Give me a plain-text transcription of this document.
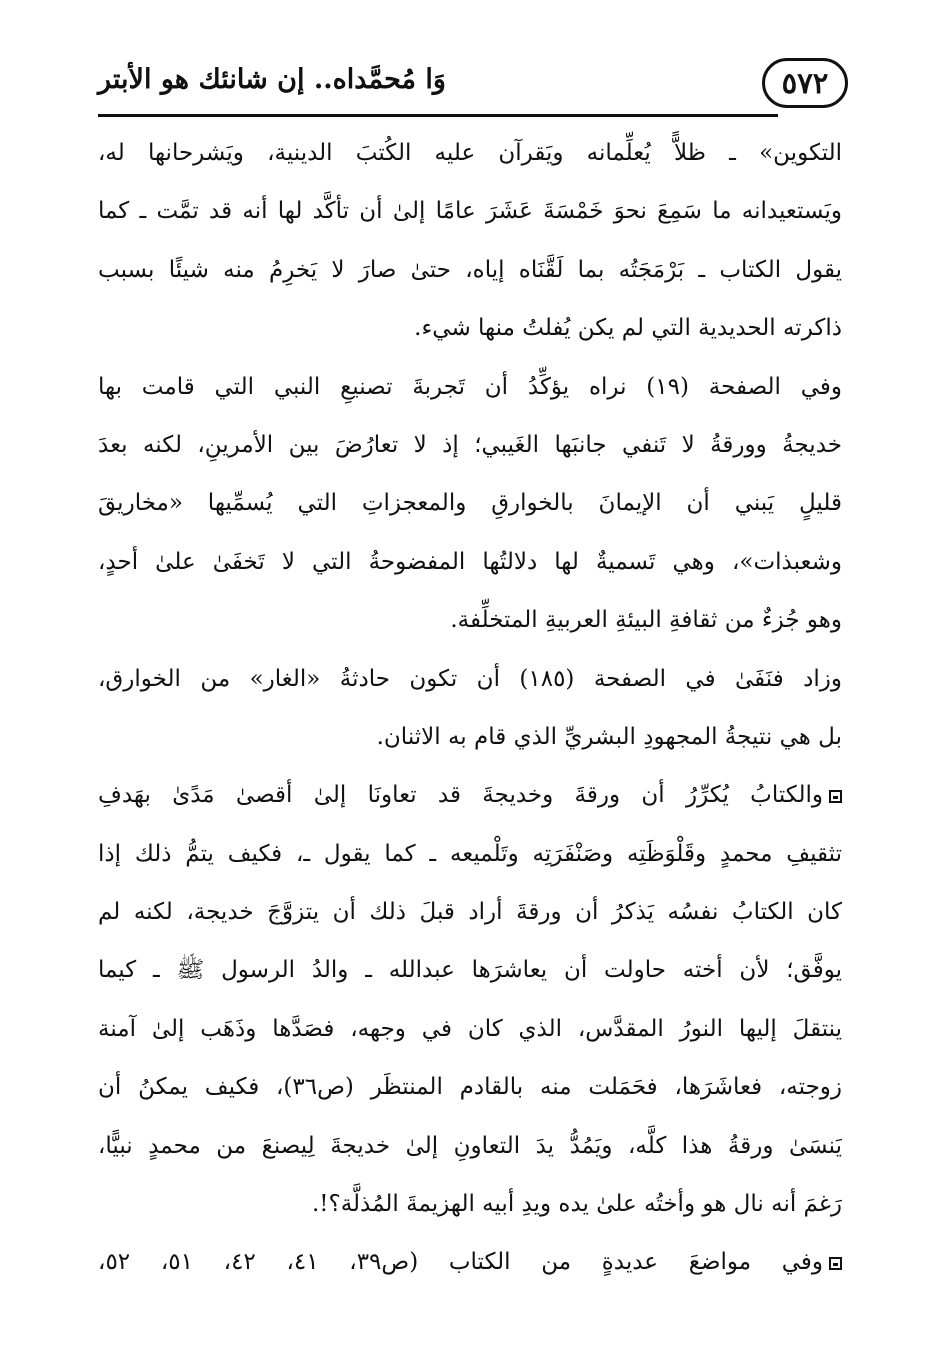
٥٧٢
وَا مُحمَّداه.. إن شانئك هو الأبتر
التكوين» ـ ظلاًّ يُعلِّمانه ويَقرآن عليه الكُتبَ الدينية، ويَشرحانها له،
ويَستعيدانه ما سَمِعَ نحوَ خَمْسَةَ عَشَرَ عامًا إلىٰ أن تأكَّد لها أنه قد تمَّت ـ كما
يقول الكتاب ـ بَرْمَجَتُه بما لَقَّنَاه إياه، حتىٰ صارَ لا يَخرِمُ منه شيئًا بسبب
ذاكرته الحديدية التي لم يكن يُفلتُ منها شيء.
وفي الصفحة (١٩) نراه يؤكِّدُ أن تَجربةَ تصنيعِ النبي التي قامت بها
خديجةُ وورقةُ لا تَنفي جانبَها الغَيبي؛ إذ لا تعارُضَ بين الأمرينِ، لكنه بعدَ
قليلٍ يَبني أن الإيمانَ بالخوارقِ والمعجزاتِ التي يُسمِّيها «مخاريقَ
وشعبذات»، وهي تَسميةٌ لها دلالتُها المفضوحةُ التي لا تَخفَىٰ علىٰ أحدٍ،
وهو جُزءٌ من ثقافةِ البيئةِ العربيةِ المتخلِّفة.
وزاد فنَفَىٰ في الصفحة (١٨٥) أن تكون حادثةُ «الغار» من الخوارق،
بل هي نتيجةُ المجهودِ البشريِّ الذي قام به الاثنان.
والكتابُ يُكرِّرُ أن ورقةَ وخديجةَ قد تعاونَا إلىٰ أقصىٰ مَدًىٰ بهَدفِ
تثقيفِ محمدٍ وقَلْوَظَتِه وصَنْفَرَتِه وتَلْميعه ـ كما يقول ـ، فكيف يتمُّ ذلك إذا
كان الكتابُ نفسُه يَذكرُ أن ورقةَ أراد قبلَ ذلك أن يتزوَّجَ خديجة، لكنه لم
يوفَّق؛ لأن أخته حاولت أن يعاشرَها عبدالله ـ والدُ الرسول ﷺ ـ كيما
ينتقلَ إليها النورُ المقدَّس، الذي كان في وجهه، فصَدَّها وذَهَب إلىٰ آمنة
زوجته، فعاشَرَها، فحَمَلت منه بالقادم المنتظَر (ص٣٦)، فكيف يمكنُ أن
يَنسَىٰ ورقةُ هذا كلَّه، ويَمُدُّ يدَ التعاونِ إلىٰ خديجةَ لِيصنعَ من محمدٍ نبيًّا،
رَغمَ أنه نال هو وأختُه علىٰ يده ويدِ أبيه الهزيمةَ المُذلَّة؟!.
وفي مواضعَ عديدةٍ من الكتاب (ص٣٩، ٤١، ٤٢، ٥١، ٥٢،
